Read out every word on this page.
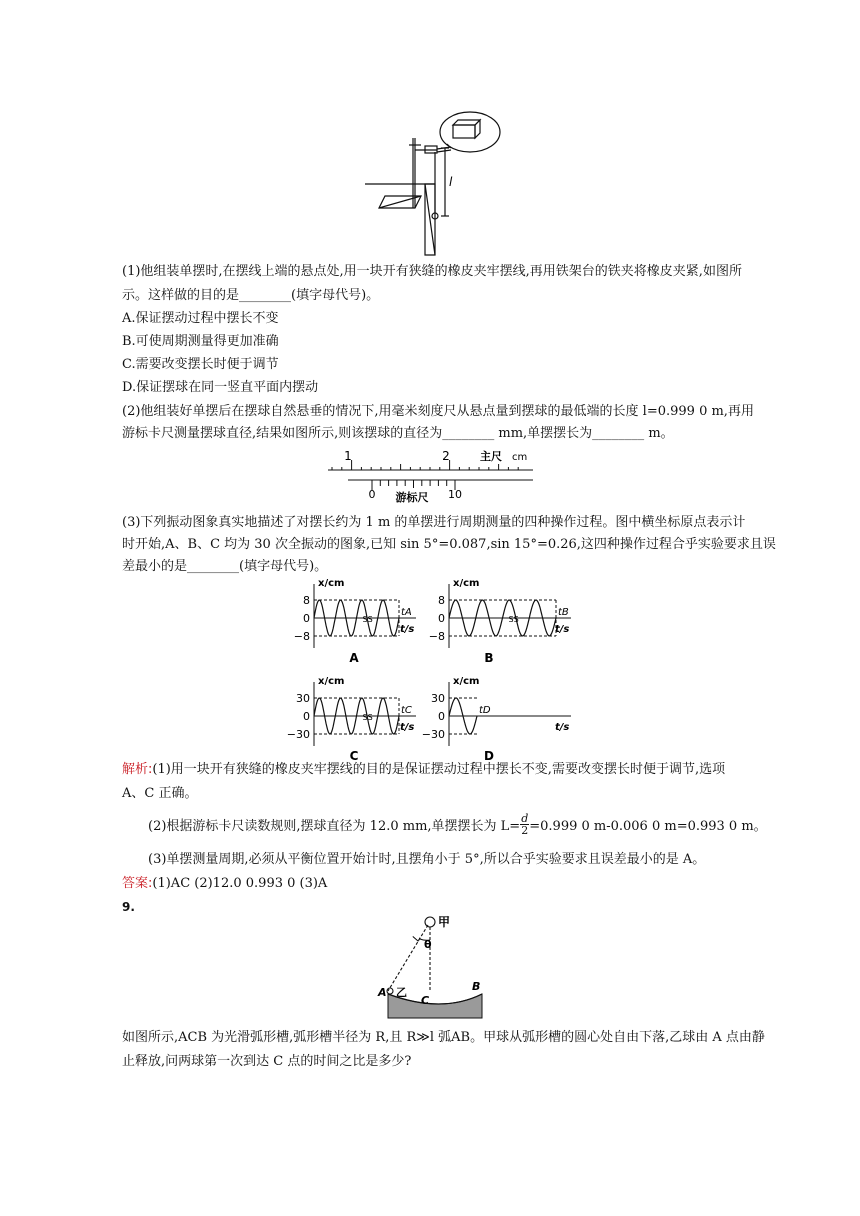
l
(1)他组装单摆时,在摆线上端的悬点处,用一块开有狭缝的橡皮夹牢摆线,再用铁架台的铁夹将橡皮夹紧,如图所
示。这样做的目的是________(填字母代号)。
A.保证摆动过程中摆长不变
B.可使周期测量得更加准确
C.需要改变摆长时便于调节
D.保证摆球在同一竖直平面内摆动
(2)他组装好单摆后在摆球自然悬垂的情况下,用毫米刻度尺从悬点量到摆球的最低端的长度 l=0.999 0 m,再用
游标卡尺测量摆球直径,结果如图所示,则该摆球的直径为________ mm,单摆摆长为________ m。
1	2	主尺 cm
0	10
游标尺
(3)下列振动图象真实地描述了对摆长约为 1 m 的单摆进行周期测量的四种操作过程。图中横坐标原点表示计
时开始,A、B、C 均为 30 次全振动的图象,已知 sin 5°=0.087,sin 15°=0.26,这四种操作过程合乎实验要求且误
差最小的是________(填字母代号)。
x/cm
8
0
−8
tA
t/s
SS
A
x/cm
8
0
−8
tB
t/s
SS
B
x/cm
30
0
−30
tC
t/s
SS
C
x/cm
30
0
−30
tD
t/s
D
解析:(1)用一块开有狭缝的橡皮夹牢摆线的目的是保证摆动过程中摆长不变,需要改变摆长时便于调节,选项
A、C 正确。
(2)根据游标卡尺读数规则,摆球直径为 12.0 mm,单摆摆长为 $L= \frac{d}{2} =0.999$ 0 m-0.006 0 m=0.993 0 m。
(3)单摆测量周期,必须从平衡位置开始计时,且摆角小于 5°,所以合乎实验要求且误差最小的是 A。
答案:(1)AC (2)12.0 0.993 0 (3)A
9.
甲
θ
L
乙
A	B
C
如图所示,ACB 为光滑弧形槽,弧形槽半径为 R,且 R≫l 弧AB。甲球从弧形槽的圆心处自由下落,乙球由 A 点由静
止释放,问两球第一次到达 C 点的时间之比是多少?
